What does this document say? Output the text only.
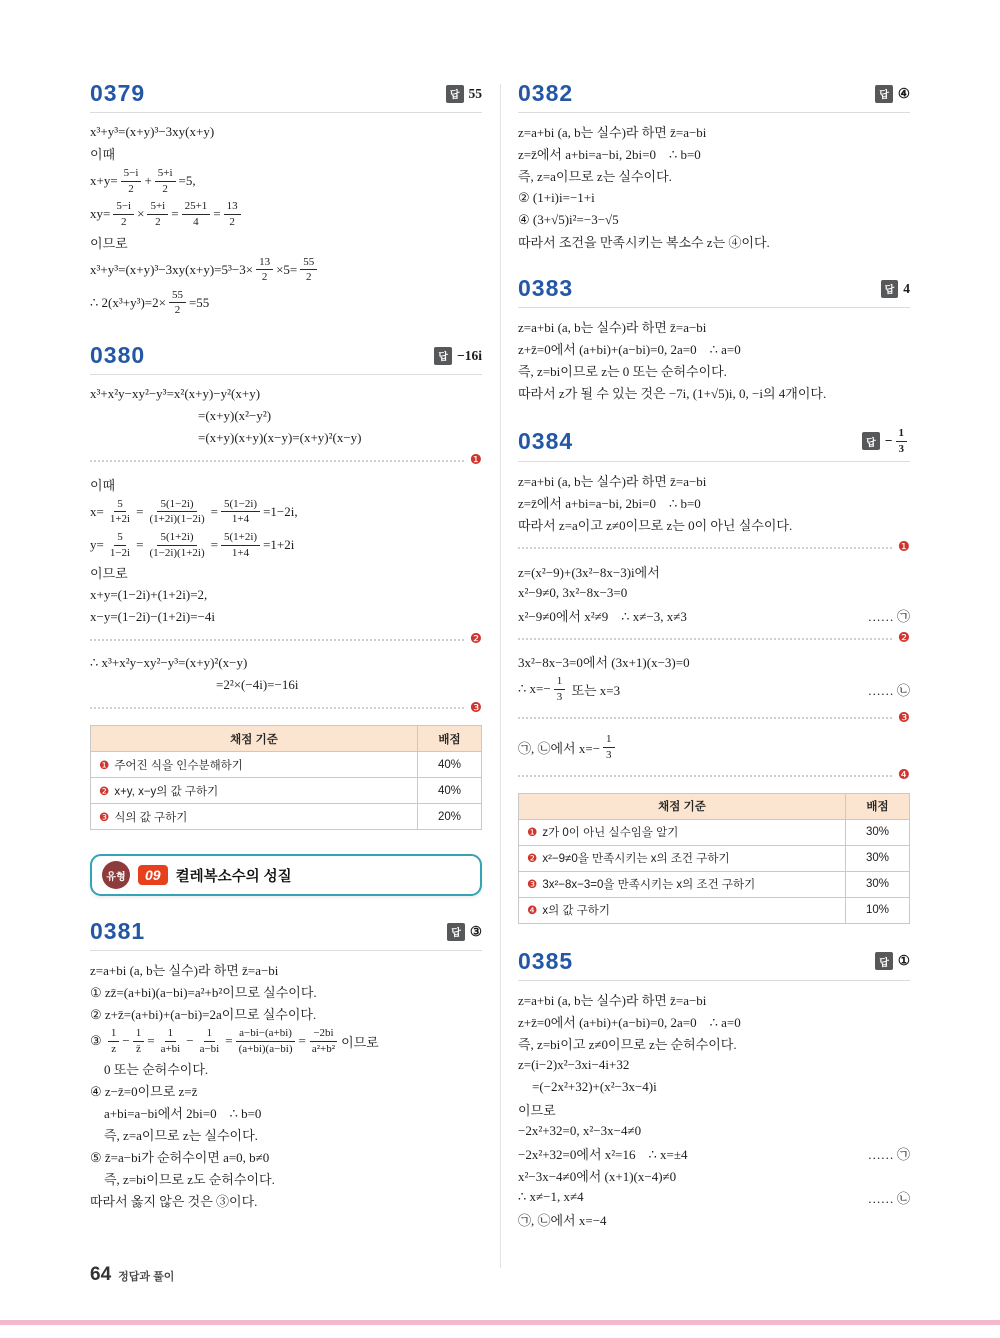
0379	답 55
x³+y³=(x+y)³−3xy(x+y)
이때
$x+y= \frac{5-i}{2} + \frac{5+i}{2} =5$,
$xy= \frac{5-i}{2} \times \frac{5+i}{2} = \frac{25+1}{4} = \frac{13}{2}$
이므로
$x^3+y^3=(x+y)^3-3xy(x+y)=5^3-3\times \frac{13}{2} \times 5= \frac{55}{2}$
∴ $2(x^3+y^3)=2\times \frac{55}{2} =55$
0380	답 −16i
x³+x²y−xy²−y³=x²(x+y)−y²(x+y)
=(x+y)(x²−y²)
=(x+y)(x+y)(x−y)=(x+y)²(x−y)
❶
이때
$x= \frac{5}{1+2i} = \frac{5(1-2i)}{(1+2i)(1-2i)} = \frac{5(1-2i)}{1+4} =1-2i$,
$y= \frac{5}{1-2i} = \frac{5(1+2i)}{(1-2i)(1+2i)} = \frac{5(1+2i)}{1+4} =1+2i$
이므로
x+y=(1−2i)+(1+2i)=2,
x−y=(1−2i)−(1+2i)=−4i
❷
∴ x³+x²y−xy²−y³=(x+y)²(x−y)
=2²×(−4i)=−16i
❸
채점 기준	배점
❶ 주어진 식을 인수분해하기	40%
❷ x+y, x−y의 값 구하기	40%
❸ 식의 값 구하기	20%
유형	09	켤레복소수의 성질
0381	답 ③
z=a+bi (a, b는 실수)라 하면 z̄=a−bi
① zz̄=(a+bi)(a−bi)=a²+b²이므로 실수이다.
② z+z̄=(a+bi)+(a−bi)=2a이므로 실수이다.
③ $\frac{1}{z} - \frac{1}{z̄} = \frac{1}{a+bi} - \frac{1}{a-bi} = \frac{a-bi-(a+bi)}{(a+bi)(a-bi)} = \frac{-2bi}{\text{a²+b²}}$ 이므로
0 또는 순허수이다.
④ z−z̄=0이므로 z=z̄
a+bi=a−bi에서 2bi=0    ∴ b=0
즉, z=a이므로 z는 실수이다.
⑤ z̄=a−bi가 순허수이면 a=0, b≠0
즉, z=bi이므로 z도 순허수이다.
따라서 옳지 않은 것은 ③이다.
0382	답 ④
z=a+bi (a, b는 실수)라 하면 z̄=a−bi
z=z̄에서 a+bi=a−bi, 2bi=0    ∴ b=0
즉, z=a이므로 z는 실수이다.
② (1+i)i=−1+i
④ (3+√5)i²=−3−√5
따라서 조건을 만족시키는 복소수 z는 ④이다.
0383	답 4
z=a+bi (a, b는 실수)라 하면 z̄=a−bi
z+z̄=0에서 (a+bi)+(a−bi)=0, 2a=0    ∴ a=0
즉, z=bi이므로 z는 0 또는 순허수이다.
따라서 z가 될 수 있는 것은 −7i, (1+√5)i, 0, −i의 4개이다.
0384	답 − $\frac{1}{3}$
z=a+bi (a, b는 실수)라 하면 z̄=a−bi
z=z̄에서 a+bi=a−bi, 2bi=0    ∴ b=0
따라서 z=a이고 z≠0이므로 z는 0이 아닌 실수이다.
❶
z=(x²−9)+(3x²−8x−3)i에서
x²−9≠0, 3x²−8x−3=0
x²−9≠0에서 x²≠9    ∴ x≠−3, x≠3	…… ㉠
❷
3x²−8x−3=0에서 (3x+1)(x−3)=0
∴ $x=- \frac{1}{3}$ 또는 x=3	…… ㉡
❸
㉠, ㉡에서 $x=- \frac{1}{3}$
❹
채점 기준	배점
❶ z가 0이 아닌 실수임을 알기	30%
❷ x²−9≠0을 만족시키는 x의 조건 구하기	30%
❸ 3x²−8x−3=0을 만족시키는 x의 조건 구하기	30%
❹ x의 값 구하기	10%
0385	답 ①
z=a+bi (a, b는 실수)라 하면 z̄=a−bi
z+z̄=0에서 (a+bi)+(a−bi)=0, 2a=0    ∴ a=0
즉, z=bi이고 z≠0이므로 z는 순허수이다.
z=(i−2)x²−3xi−4i+32
=(−2x²+32)+(x²−3x−4)i
이므로
−2x²+32=0, x²−3x−4≠0
−2x²+32=0에서 x²=16    ∴ x=±4	…… ㉠
x²−3x−4≠0에서 (x+1)(x−4)≠0
∴ x≠−1, x≠4	…… ㉡
㉠, ㉡에서 x=−4
64 정답과 풀이
